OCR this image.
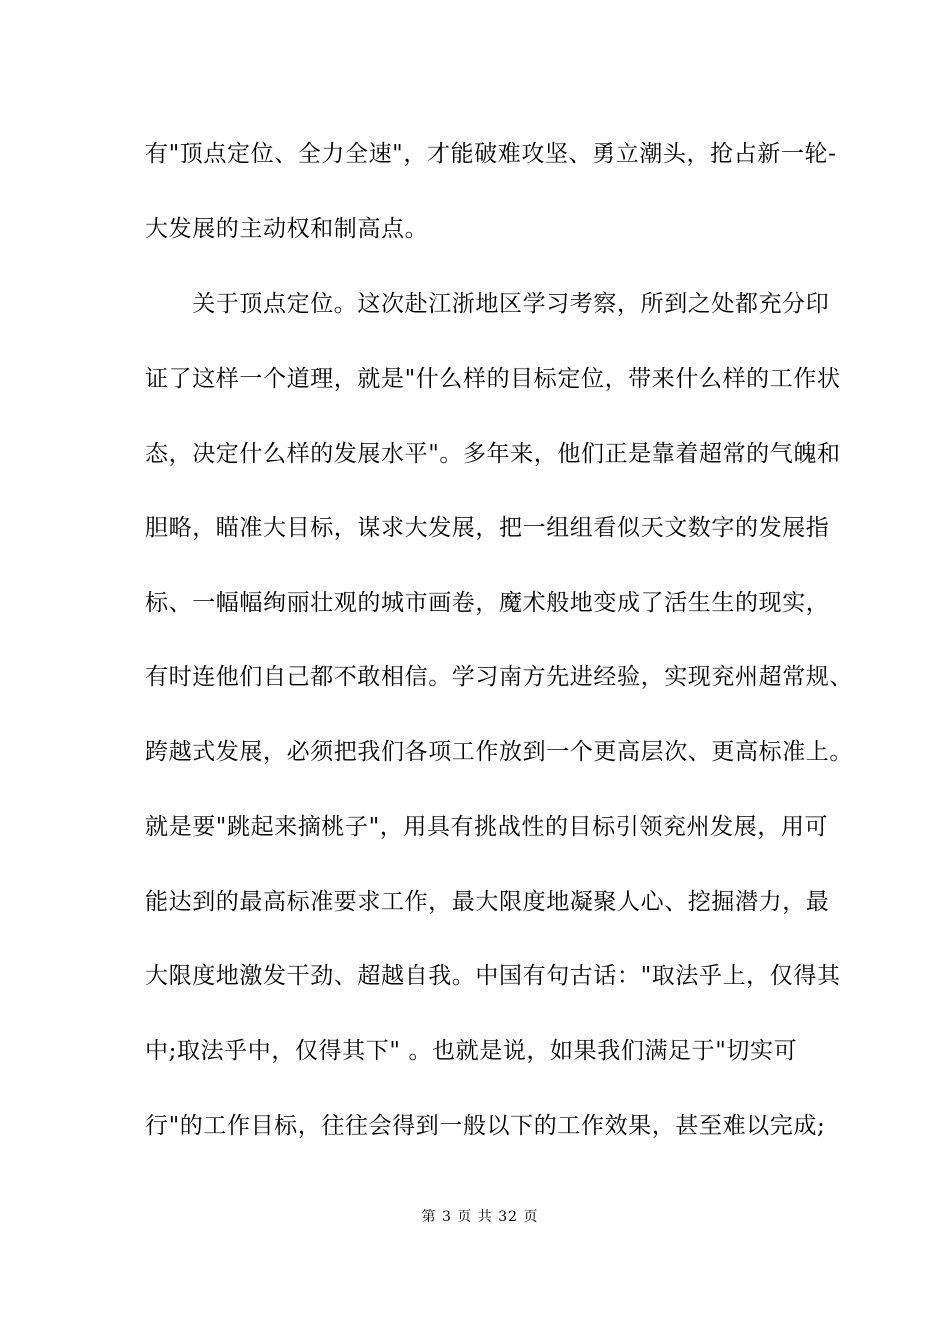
有"顶点定位、全力全速"，才能破难攻坚、勇立潮头，抢占新一轮-
大发展的主动权和制高点。
　　关于顶点定位。这次赴江浙地区学习考察，所到之处都充分印
证了这样一个道理，就是"什么样的目标定位，带来什么样的工作状
态，决定什么样的发展水平"。多年来，他们正是靠着超常的气魄和
胆略，瞄准大目标，谋求大发展，把一组组看似天文数字的发展指
标、一幅幅绚丽壮观的城市画卷，魔术般地变成了活生生的现实，
有时连他们自己都不敢相信。学习南方先进经验，实现兖州超常规、
跨越式发展，必须把我们各项工作放到一个更高层次、更高标准上。
就是要"跳起来摘桃子"，用具有挑战性的目标引领兖州发展，用可
能达到的最高标准要求工作，最大限度地凝聚人心、挖掘潜力，最
大限度地激发干劲、超越自我。中国有句古话："取法乎上，仅得其
中;取法乎中，仅得其下" 。也就是说，如果我们满足于"切实可
行"的工作目标，往往会得到一般以下的工作效果，甚至难以完成;
第 3 页 共 32 页
